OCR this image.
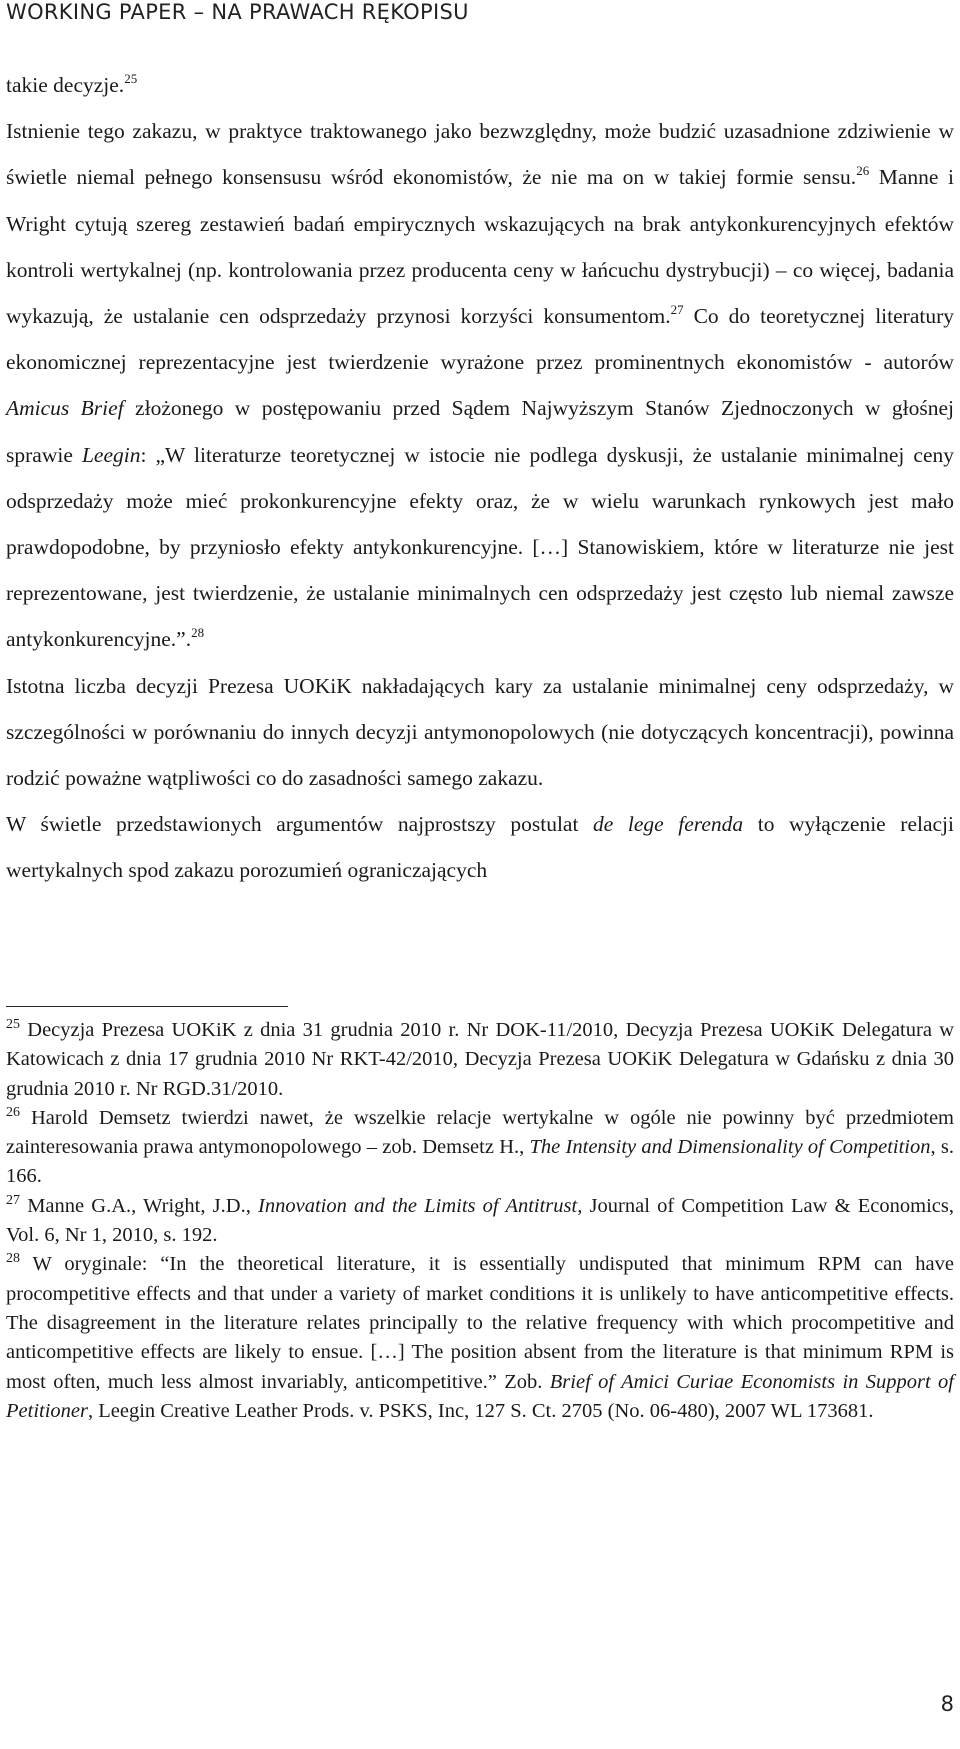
WORKING PAPER – NA PRAWACH RĘKOPISU

takie decyzje.$^{25}$

Istnienie tego zakazu, w praktyce traktowanego jako bezwzględny, może budzić uzasadnione zdziwienie w świetle niemal pełnego konsensusu wśród ekonomistów, że nie ma on w takiej formie sensu.$^{26}$ Manne i Wright cytują szereg zestawień badań empirycznych wskazujących na brak antykonkurencyjnych efektów kontroli wertykalnej (np. kontrolowania przez producenta ceny w łańcuchu dystrybucji) – co więcej, badania wykazują, że ustalanie cen odsprzedaży przynosi korzyści konsumentom.$^{27}$ Co do teoretycznej literatury ekonomicznej reprezentacyjne jest twierdzenie wyrażone przez prominentnych ekonomistów - autorów Amicus Brief złożonego w postępowaniu przed Sądem Najwyższym Stanów Zjednoczonych w głośnej sprawie Leegin: „W literaturze teoretycznej w istocie nie podlega dyskusji, że ustalanie minimalnej ceny odsprzedaży może mieć prokonkurencyjne efekty oraz, że w wielu warunkach rynkowych jest mało prawdopodobne, by przyniosło efekty antykonkurencyjne. […] Stanowiskiem, które w literaturze nie jest reprezentowane, jest twierdzenie, że ustalanie minimalnych cen odsprzedaży jest często lub niemal zawsze antykonkurencyjne.”.$^{28}$

Istotna liczba decyzji Prezesa UOKiK nakładających kary za ustalanie minimalnej ceny odsprzedaży, w szczególności w porównaniu do innych decyzji antymonopolowych (nie dotyczących koncentracji), powinna rodzić poważne wątpliwości co do zasadności samego zakazu.

W świetle przedstawionych argumentów najprostszy postulat de lege ferenda to wyłączenie relacji wertykalnych spod zakazu porozumień ograniczających

$^{25}$ Decyzja Prezesa UOKiK z dnia 31 grudnia 2010 r. Nr DOK-11/2010, Decyzja Prezesa UOKiK Delegatura w Katowicach z dnia 17 grudnia 2010 Nr RKT-42/2010, Decyzja Prezesa UOKiK Delegatura w Gdańsku z dnia 30 grudnia 2010 r. Nr RGD.31/2010.

$^{26}$ Harold Demsetz twierdzi nawet, że wszelkie relacje wertykalne w ogóle nie powinny być przedmiotem zainteresowania prawa antymonopolowego – zob. Demsetz H., The Intensity and Dimensionality of Competition, s. 166.

$^{27}$ Manne G.A., Wright, J.D., Innovation and the Limits of Antitrust, Journal of Competition Law & Economics, Vol. 6, Nr 1, 2010, s. 192.

$^{28}$ W oryginale: “In the theoretical literature, it is essentially undisputed that minimum RPM can have procompetitive effects and that under a variety of market conditions it is unlikely to have anticompetitive effects. The disagreement in the literature relates principally to the relative frequency with which procompetitive and anticompetitive effects are likely to ensue. […] The position absent from the literature is that minimum RPM is most often, much less almost invariably, anticompetitive.” Zob. Brief of Amici Curiae Economists in Support of Petitioner, Leegin Creative Leather Prods. v. PSKS, Inc, 127 S. Ct. 2705 (No. 06-480), 2007 WL 173681.

8
